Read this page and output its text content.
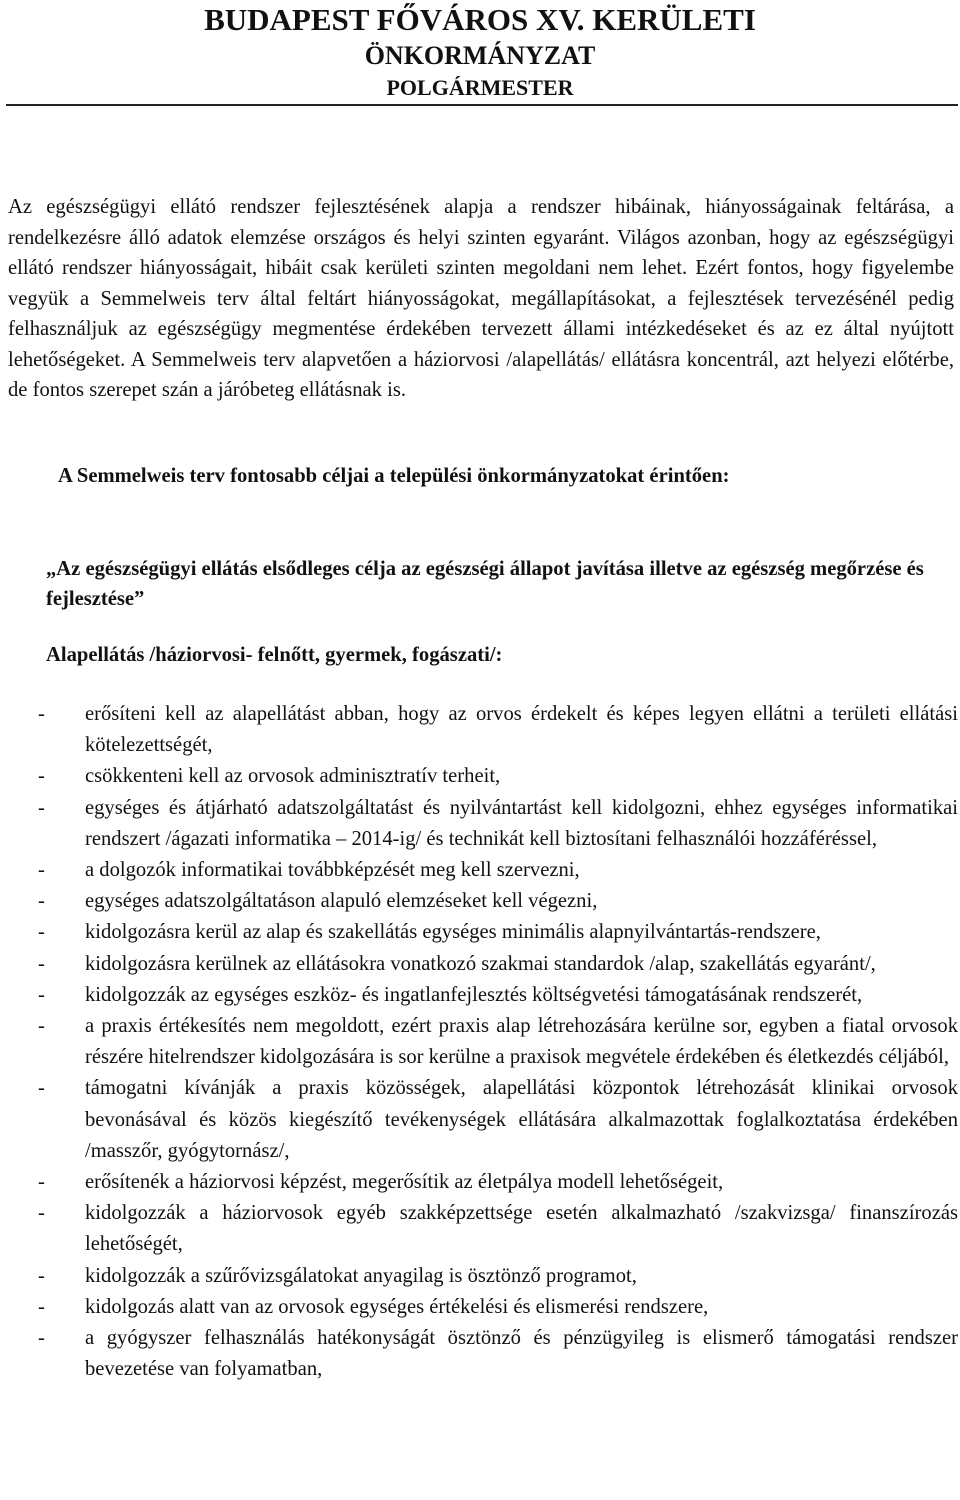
BUDAPEST FŐVÁROS XV. KERÜLETI
ÖNKORMÁNYZAT
POLGÁRMESTER

Az egészségügyi ellátó rendszer fejlesztésének alapja a rendszer hibáinak, hiányosságainak feltárása, a rendelkezésre álló adatok elemzése országos és helyi szinten egyaránt. Világos azonban, hogy az egészségügyi ellátó rendszer hiányosságait, hibáit csak kerületi szinten megoldani nem lehet. Ezért fontos, hogy figyelembe vegyük a Semmelweis terv által feltárt hiányosságokat, megállapításokat, a fejlesztések tervezésénél pedig felhasználjuk az egészségügy megmentése érdekében tervezett állami intézkedéseket és az ez által nyújtott lehetőségeket. A Semmelweis terv alapvetően a háziorvosi /alapellátás/ ellátásra koncentrál, azt helyezi előtérbe, de fontos szerepet szán a járóbeteg ellátásnak is.

A Semmelweis terv fontosabb céljai a települési önkormányzatokat érintően:
„Az egészségügyi ellátás elsődleges célja az egészségi állapot javítása illetve az egészség megőrzése és fejlesztése”
Alapellátás /háziorvosi- felnőtt, gyermek, fogászati/:
- erősíteni kell az alapellátást abban, hogy az orvos érdekelt és képes legyen ellátni a területi ellátási kötelezettségét,
- csökkenteni kell az orvosok adminisztratív terheit,
- egységes és átjárható adatszolgáltatást és nyilvántartást kell kidolgozni, ehhez egységes informatikai rendszert /ágazati informatika – 2014-ig/ és technikát kell biztosítani felhasználói hozzáféréssel,
- a dolgozók informatikai továbbképzését meg kell szervezni,
- egységes adatszolgáltatáson alapuló elemzéseket kell végezni,
- kidolgozásra kerül az alap és szakellátás egységes minimális alapnyilvántartás-rendszere,
- kidolgozásra kerülnek az ellátásokra vonatkozó szakmai standardok /alap, szakellátás egyaránt/,
- kidolgozzák az egységes eszköz- és ingatlanfejlesztés költségvetési támogatásának rendszerét,
- a praxis értékesítés nem megoldott, ezért praxis alap létrehozására kerülne sor, egyben a fiatal orvosok részére hitelrendszer kidolgozására is sor kerülne a praxisok megvétele érdekében és életkezdés céljából,
- támogatni kívánják a praxis közösségek, alapellátási központok létrehozását klinikai orvosok bevonásával és közös kiegészítő tevékenységek ellátására alkalmazottak foglalkoztatása érdekében /masszőr, gyógytornász/,
- erősítenék a háziorvosi képzést, megerősítik az életpálya modell lehetőségeit,
- kidolgozzák a háziorvosok egyéb szakképzettsége esetén alkalmazható /szakvizsga/ finanszírozás lehetőségét,
- kidolgozzák a szűrővizsgálatokat anyagilag is ösztönző programot,
- kidolgozás alatt van az orvosok egységes értékelési és elismerési rendszere,
- a gyógyszer felhasználás hatékonyságát ösztönző és pénzügyileg is elismerő támogatási rendszer bevezetése van folyamatban,
